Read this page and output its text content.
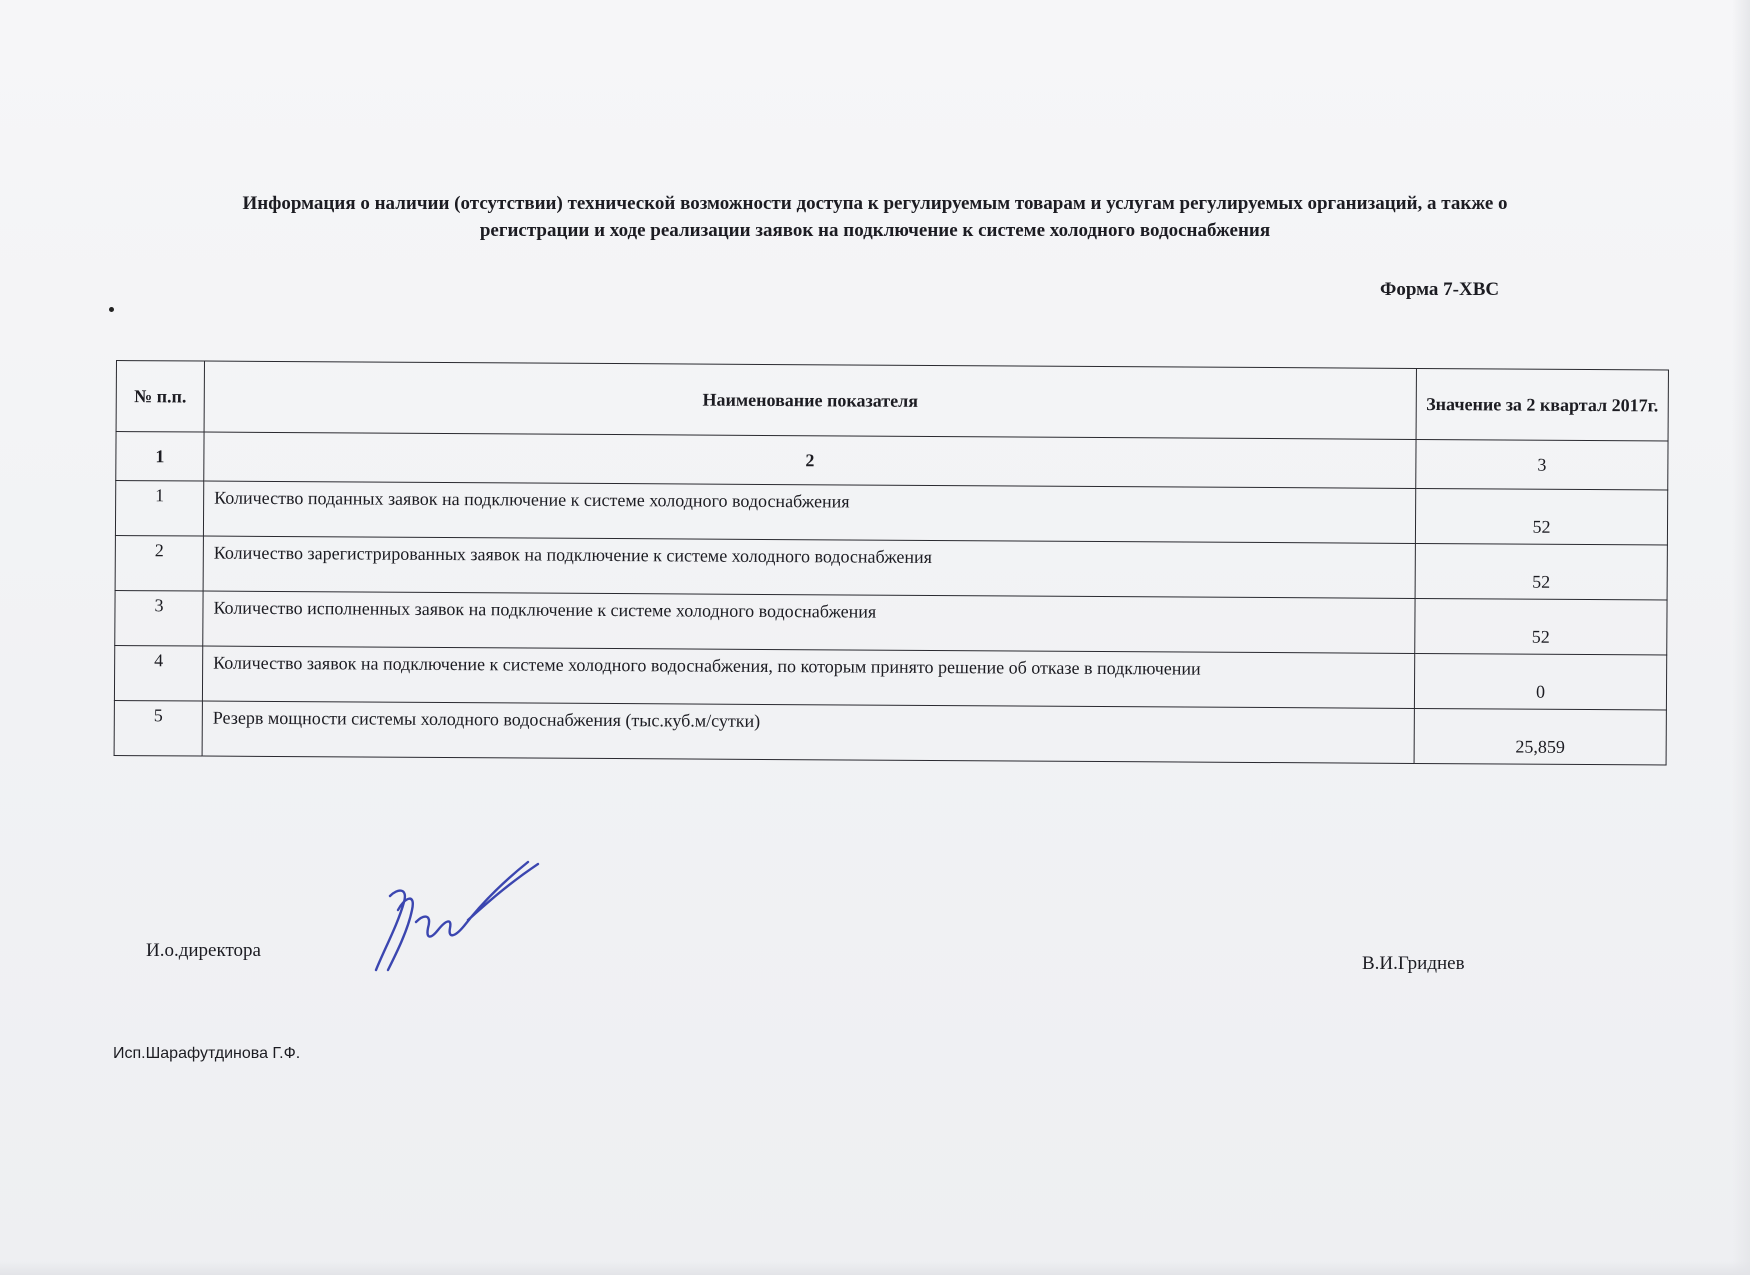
Информация о наличии (отсутствии) технической возможности доступа к регулируемым товарам и услугам регулируемых организаций, а также о
регистрации и ходе реализации заявок на подключение к системе холодного водоснабжения
Форма 7-ХВС
№ п.п.	Наименование показателя	Значение за 2 квартал 2017г.
1	2	3
1	Количество поданных заявок на подключение к системе холодного водоснабжения	52
2	Количество зарегистрированных заявок на подключение к системе холодного водоснабжения	52
3	Количество исполненных заявок на подключение к системе холодного водоснабжения	52
4	Количество заявок на подключение к системе холодного водоснабжения, по которым принято решение об отказе в подключении	0
5	Резерв мощности системы холодного водоснабжения (тыс.куб.м/сутки)	25,859
И.о.директора
В.И.Гриднев
Исп.Шарафутдинова Г.Ф.
